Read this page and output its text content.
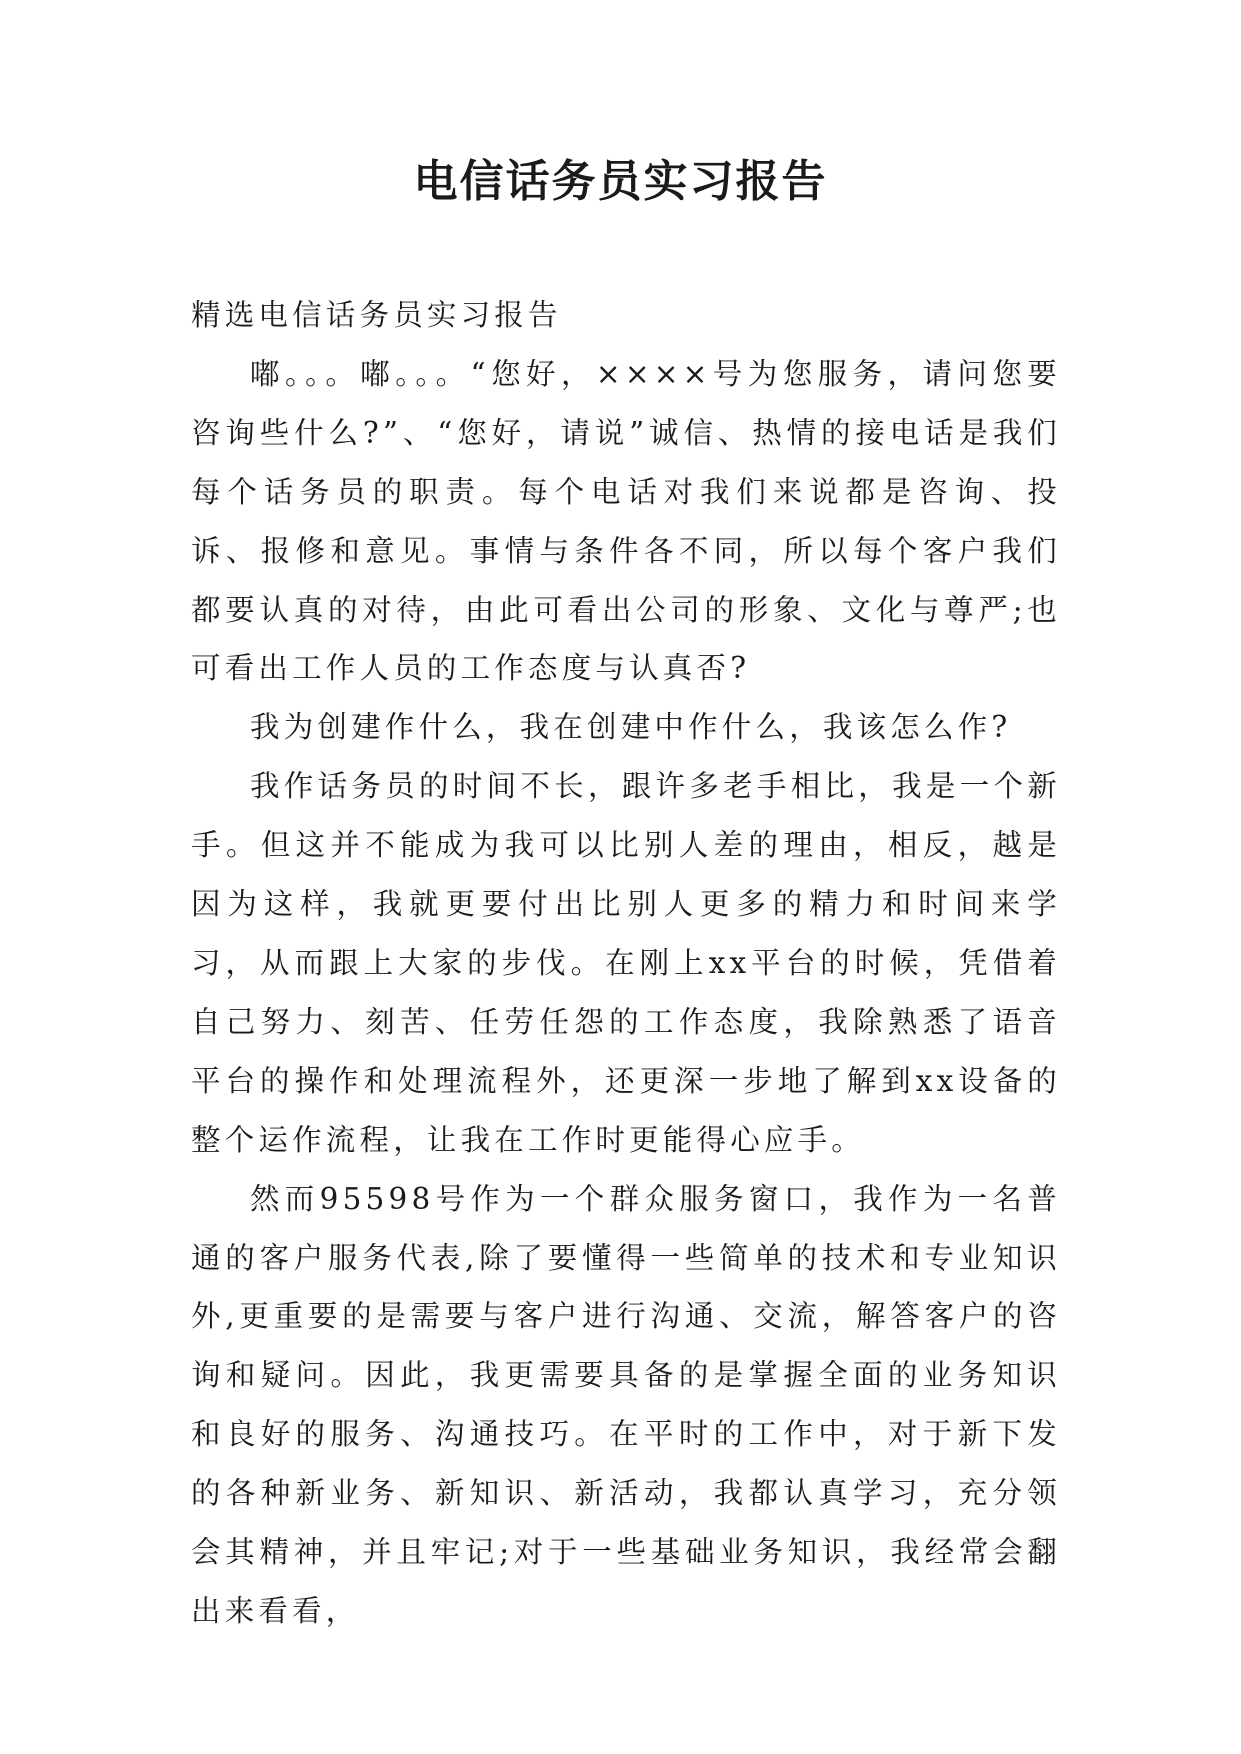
电信话务员实习报告

精选电信话务员实习报告

嘟。。。嘟。。。“您好，××××号为您服务，请问您要咨询些什么?”、“您好，请说”诚信、热情的接电话是我们每个话务员的职责。每个电话对我们来说都是咨询、投诉、报修和意见。事情与条件各不同，所以每个客户我们都要认真的对待，由此可看出公司的形象、文化与尊严;也可看出工作人员的工作态度与认真否?

我为创建作什么，我在创建中作什么，我该怎么作?

我作话务员的时间不长，跟许多老手相比，我是一个新手。但这并不能成为我可以比别人差的理由，相反，越是因为这样，我就更要付出比别人更多的精力和时间来学习，从而跟上大家的步伐。在刚上xx平台的时候，凭借着自己努力、刻苦、任劳任怨的工作态度，我除熟悉了语音平台的操作和处理流程外，还更深一步地了解到xx设备的整个运作流程，让我在工作时更能得心应手。

然而95598号作为一个群众服务窗口，我作为一名普通的客户服务代表,除了要懂得一些简单的技术和专业知识外,更重要的是需要与客户进行沟通、交流，解答客户的咨询和疑问。因此，我更需要具备的是掌握全面的业务知识和良好的服务、沟通技巧。在平时的工作中，对于新下发的各种新业务、新知识、新活动，我都认真学习，充分领会其精神，并且牢记;对于一些基础业务知识，我经常会翻出来看看，
